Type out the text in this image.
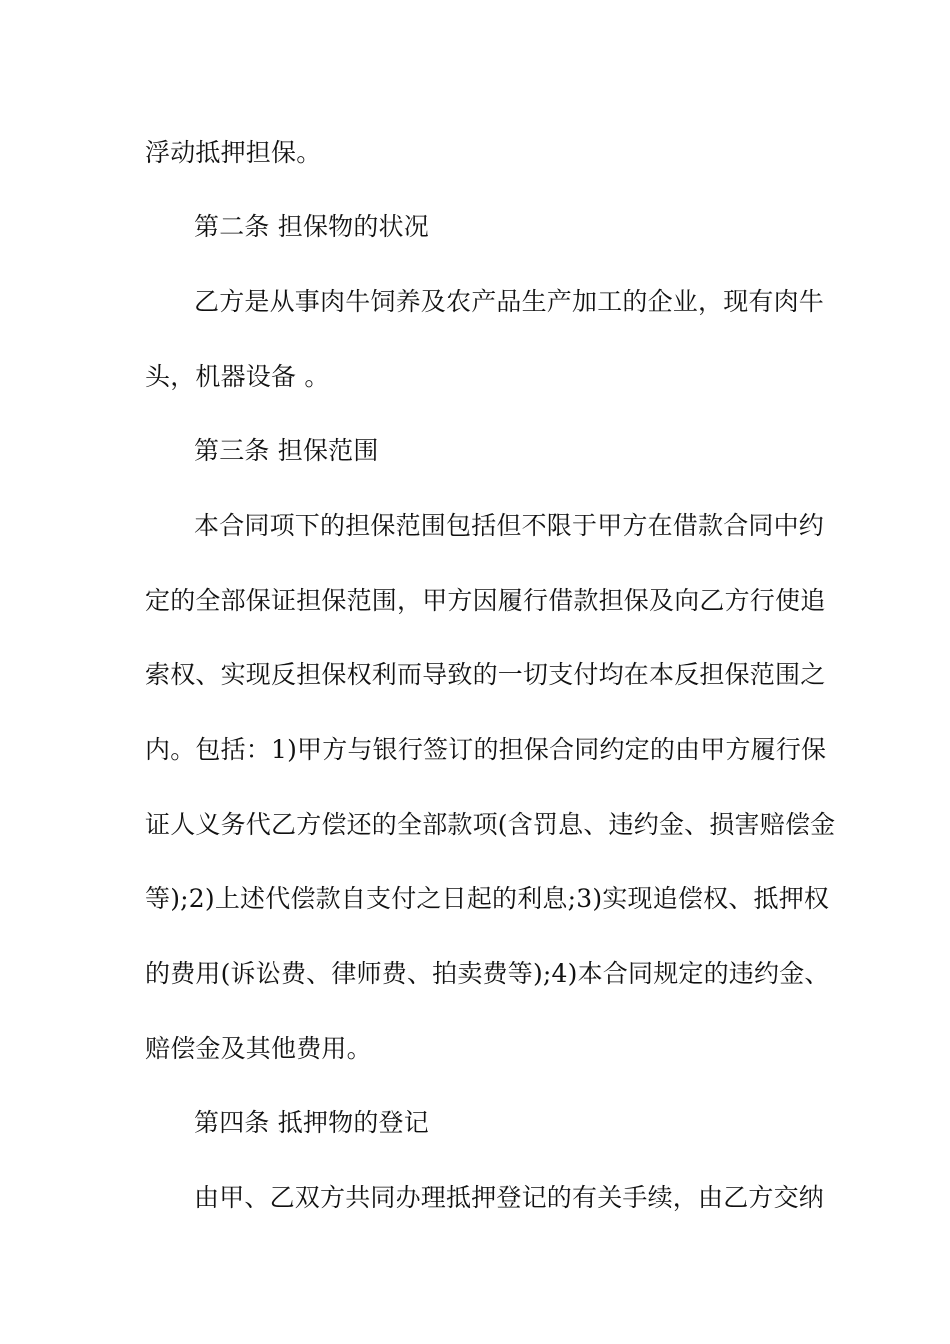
浮动抵押担保。
第二条 担保物的状况
乙方是从事肉牛饲养及农产品生产加工的企业，现有肉牛
头，机器设备 。
第三条 担保范围
本合同项下的担保范围包括但不限于甲方在借款合同中约
定的全部保证担保范围，甲方因履行借款担保及向乙方行使追
索权、实现反担保权利而导致的一切支付均在本反担保范围之
内。包括：1)甲方与银行签订的担保合同约定的由甲方履行保
证人义务代乙方偿还的全部款项(含罚息、违约金、损害赔偿金
等);2)上述代偿款自支付之日起的利息;3)实现追偿权、抵押权
的费用(诉讼费、律师费、拍卖费等);4)本合同规定的违约金、
赔偿金及其他费用。
第四条 抵押物的登记
由甲、乙双方共同办理抵押登记的有关手续，由乙方交纳
